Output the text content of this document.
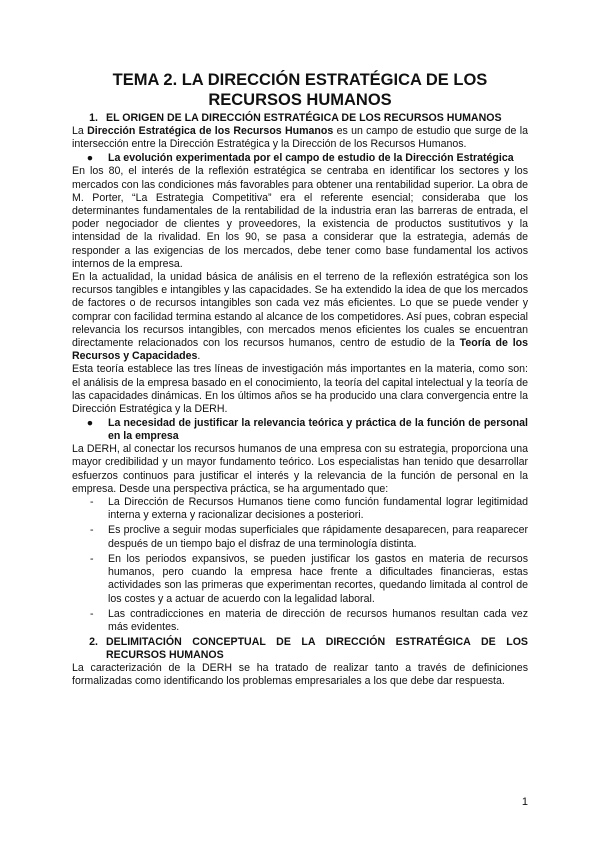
TEMA 2. LA DIRECCIÓN ESTRATÉGICA DE LOS RECURSOS HUMANOS
1. EL ORIGEN DE LA DIRECCIÓN ESTRATÉGICA DE LOS RECURSOS HUMANOS

La Dirección Estratégica de los Recursos Humanos es un campo de estudio que surge de la intersección entre la Dirección Estratégica y la Dirección de los Recursos Humanos.

●	La evolución experimentada por el campo de estudio de la Dirección Estratégica

En los 80, el interés de la reflexión estratégica se centraba en identificar los sectores y los mercados con las condiciones más favorables para obtener una rentabilidad superior. La obra de M. Porter, “La Estrategia Competitiva” era el referente esencial; consideraba que los determinantes fundamentales de la rentabilidad de la industria eran las barreras de entrada, el poder negociador de clientes y proveedores, la existencia de productos sustitutivos y la intensidad de la rivalidad. En los 90, se pasa a considerar que la estrategia, además de responder a las exigencias de los mercados, debe tener como base fundamental los activos internos de la empresa.

En la actualidad, la unidad básica de análisis en el terreno de la reflexión estratégica son los recursos tangibles e intangibles y las capacidades. Se ha extendido la idea de que los mercados de factores o de recursos intangibles son cada vez más eficientes. Lo que se puede vender y comprar con facilidad termina estando al alcance de los competidores. Así pues, cobran especial relevancia los recursos intangibles, con mercados menos eficientes los cuales se encuentran directamente relacionados con los recursos humanos, centro de estudio de la Teoría de los Recursos y Capacidades.

Esta teoría establece las tres líneas de investigación más importantes en la materia, como son: el análisis de la empresa basado en el conocimiento, la teoría del capital intelectual y la teoría de las capacidades dinámicas. En los últimos años se ha producido una clara convergencia entre la Dirección Estratégica y la DERH.

●	La necesidad de justificar la relevancia teórica y práctica de la función de personal en la empresa

La DERH, al conectar los recursos humanos de una empresa con su estrategia, proporciona una mayor credibilidad y un mayor fundamento teórico. Los especialistas han tenido que desarrollar esfuerzos continuos para justificar el interés y la relevancia de la función de personal en la empresa. Desde una perspectiva práctica, se ha argumentado que:

-	La Dirección de Recursos Humanos tiene como función fundamental lograr legitimidad interna y externa y racionalizar decisiones a posteriori.
-	Es proclive a seguir modas superficiales que rápidamente desaparecen, para reaparecer después de un tiempo bajo el disfraz de una terminología distinta.
-	En los periodos expansivos, se pueden justificar los gastos en materia de recursos humanos, pero cuando la empresa hace frente a dificultades financieras, estas actividades son las primeras que experimentan recortes, quedando limitada al control de los costes y a actuar de acuerdo con la legalidad laboral.
-	Las contradicciones en materia de dirección de recursos humanos resultan cada vez más evidentes.
2. DELIMITACIÓN CONCEPTUAL DE LA DIRECCIÓN ESTRATÉGICA DE LOS RECURSOS HUMANOS

La caracterización de la DERH se ha tratado de realizar tanto a través de definiciones formalizadas como identificando los problemas empresariales a los que debe dar respuesta.

1
